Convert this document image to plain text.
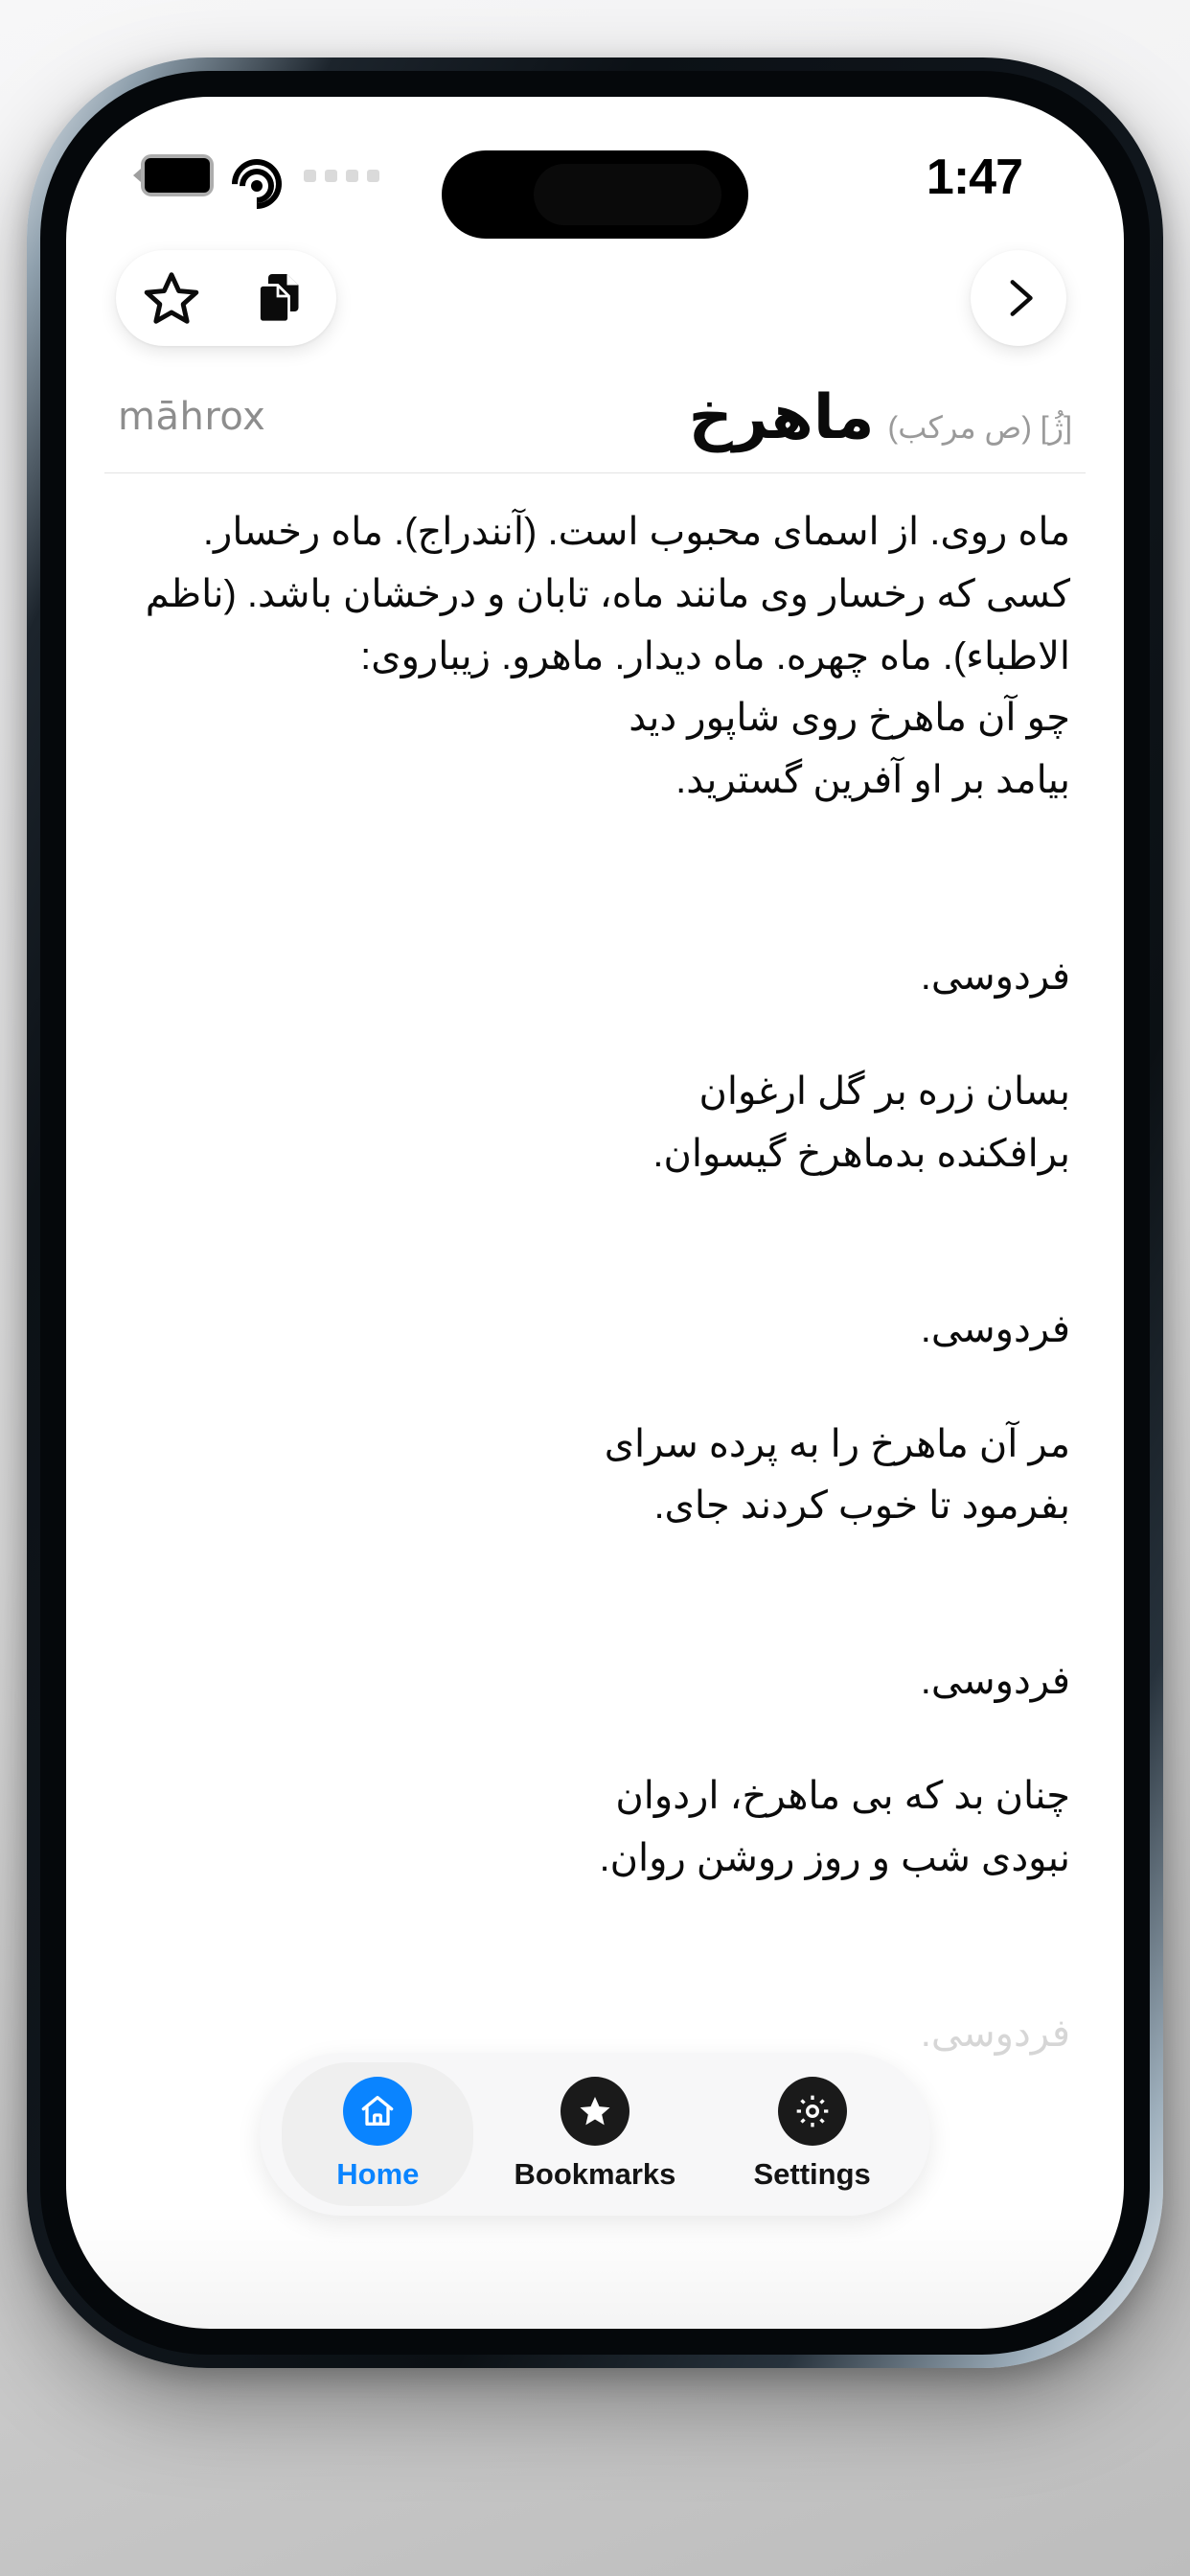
1:47
māhrox	[ژُ] (ص مرکب)
ماهرخ

ماه روی. از اسمای محبوب است. (آنندراج). ماه رخسار. کسی که رخسار وی مانند ماه، تابان و درخشان باشد. (ناظم الاطباء). ماه چهره. ماه دیدار. ماهرو. زیباروی:

چو آن ماهرخ روی شاپور دید

بیامد بر او آفرین گسترید.

فردوسی.

بسان زره بر گل ارغوان

برافکنده بدماهرخ گیسوان.

فردوسی.

مر آن ماهرخ را به پرده سرای

بفرمود تا خوب کردند جای.

فردوسی.

چنان بد که بی ماهرخ، اردوان

نبودی شب و روز روشن روان.

فردوسی.

Home	Bookmarks	Settings
